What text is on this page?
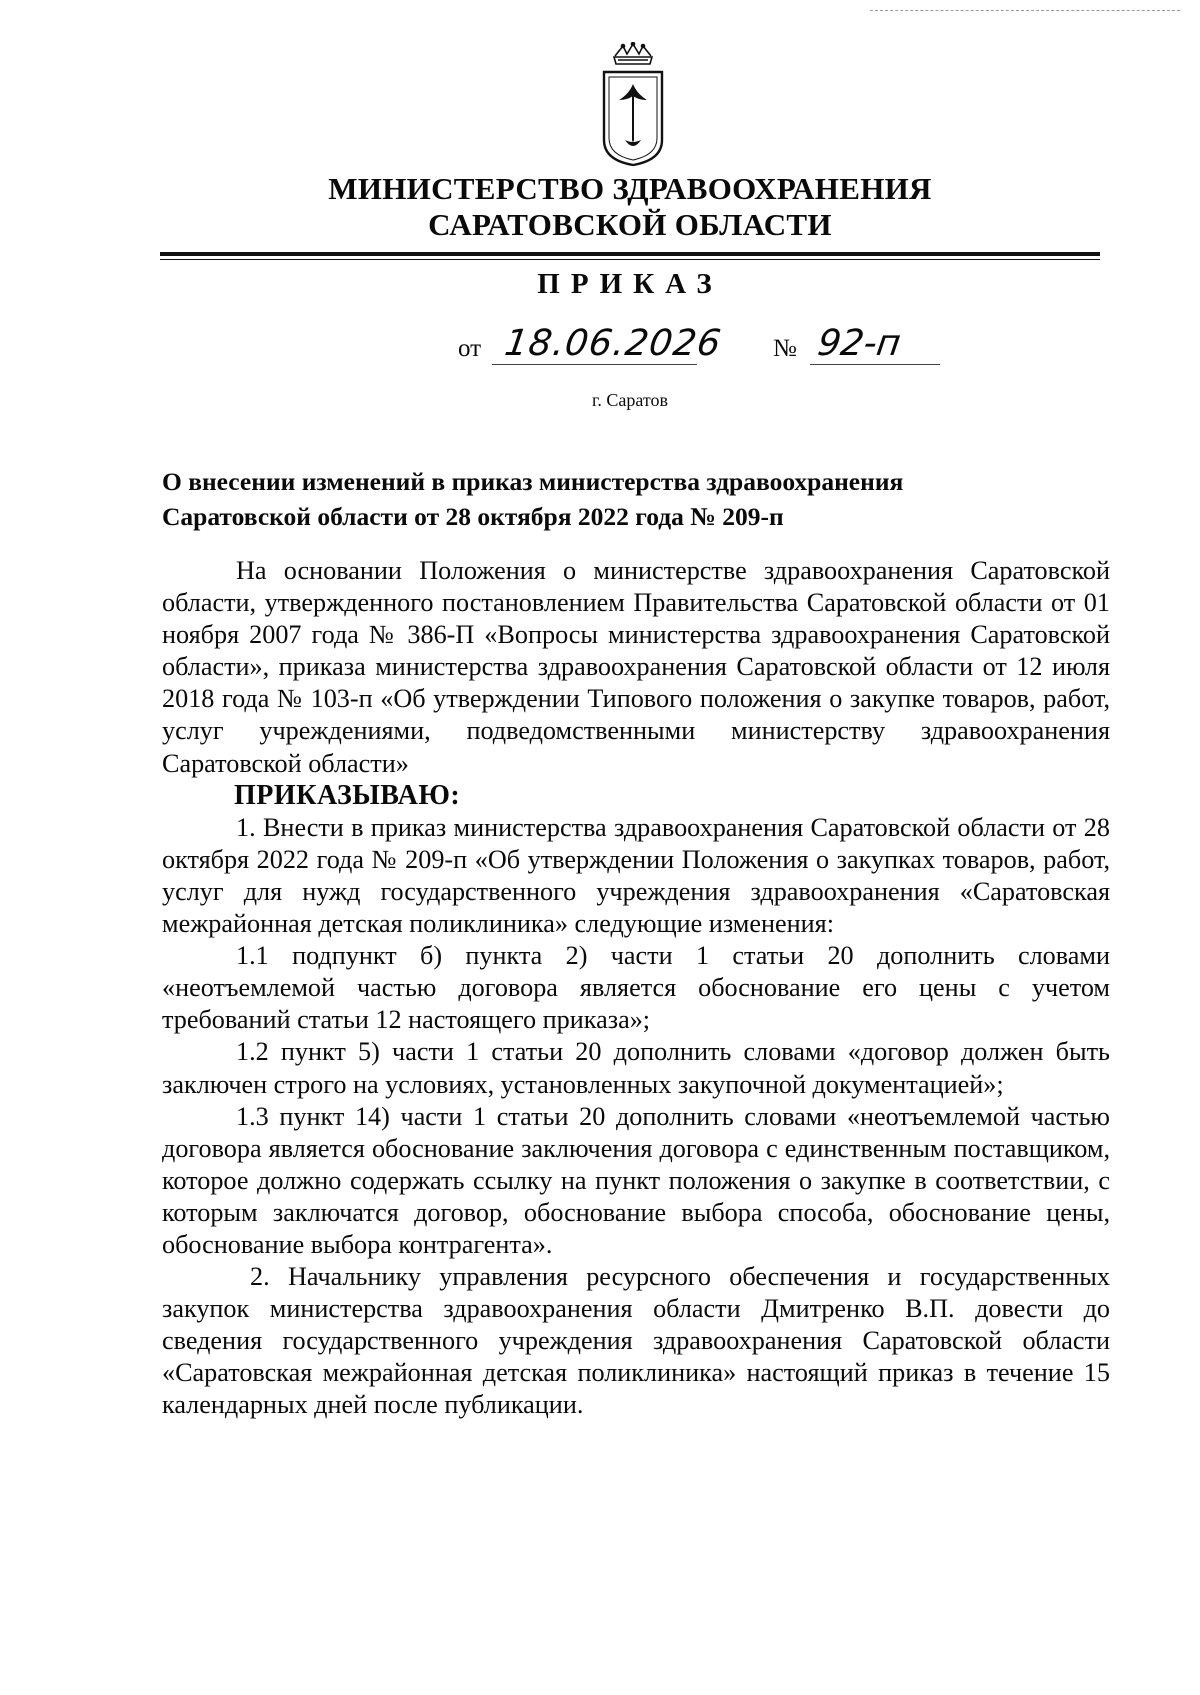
МИНИСТЕРСТВО ЗДРАВООХРАНЕНИЯ
САРАТОВСКОЙ ОБЛАСТИ
ПРИКАЗ
от 18.06.2026 № 92-п
г. Саратов
О внесении изменений в приказ министерства здравоохранения
Саратовской области от 28 октября 2022 года № 209-п

На основании Положения о министерстве здравоохранения Саратовской области, утвержденного постановлением Правительства Саратовской области от 01 ноября 2007 года № 386-П «Вопросы министерства здравоохранения Саратовской области», приказа министерства здравоохранения Саратовской области от 12 июля 2018 года № 103-п «Об утверждении Типового положения о закупке товаров, работ, услуг учреждениями, подведомственными министерству здравоохранения Саратовской области»

ПРИКАЗЫВАЮ:

1. Внести в приказ министерства здравоохранения Саратовской области от 28 октября 2022 года № 209-п «Об утверждении Положения о закупках товаров, работ, услуг для нужд государственного учреждения здравоохранения «Саратовская межрайонная детская поликлиника» следующие изменения:

1.1 подпункт б) пункта 2) части 1 статьи 20 дополнить словами «неотъемлемой частью договора является обоснование его цены с учетом требований статьи 12 настоящего приказа»;

1.2 пункт 5) части 1 статьи 20 дополнить словами «договор должен быть заключен строго на условиях, установленных закупочной документацией»;

1.3 пункт 14) части 1 статьи 20 дополнить словами «неотъемлемой частью договора является обоснование заключения договора с единственным поставщиком, которое должно содержать ссылку на пункт положения о закупке в соответствии, с которым заключатся договор, обоснование выбора способа, обоснование цены, обоснование выбора контрагента».

2. Начальнику управления ресурсного обеспечения и государственных закупок министерства здравоохранения области Дмитренко В.П. довести до сведения государственного учреждения здравоохранения Саратовской области «Саратовская межрайонная детская поликлиника» настоящий приказ в течение 15 календарных дней после публикации.
